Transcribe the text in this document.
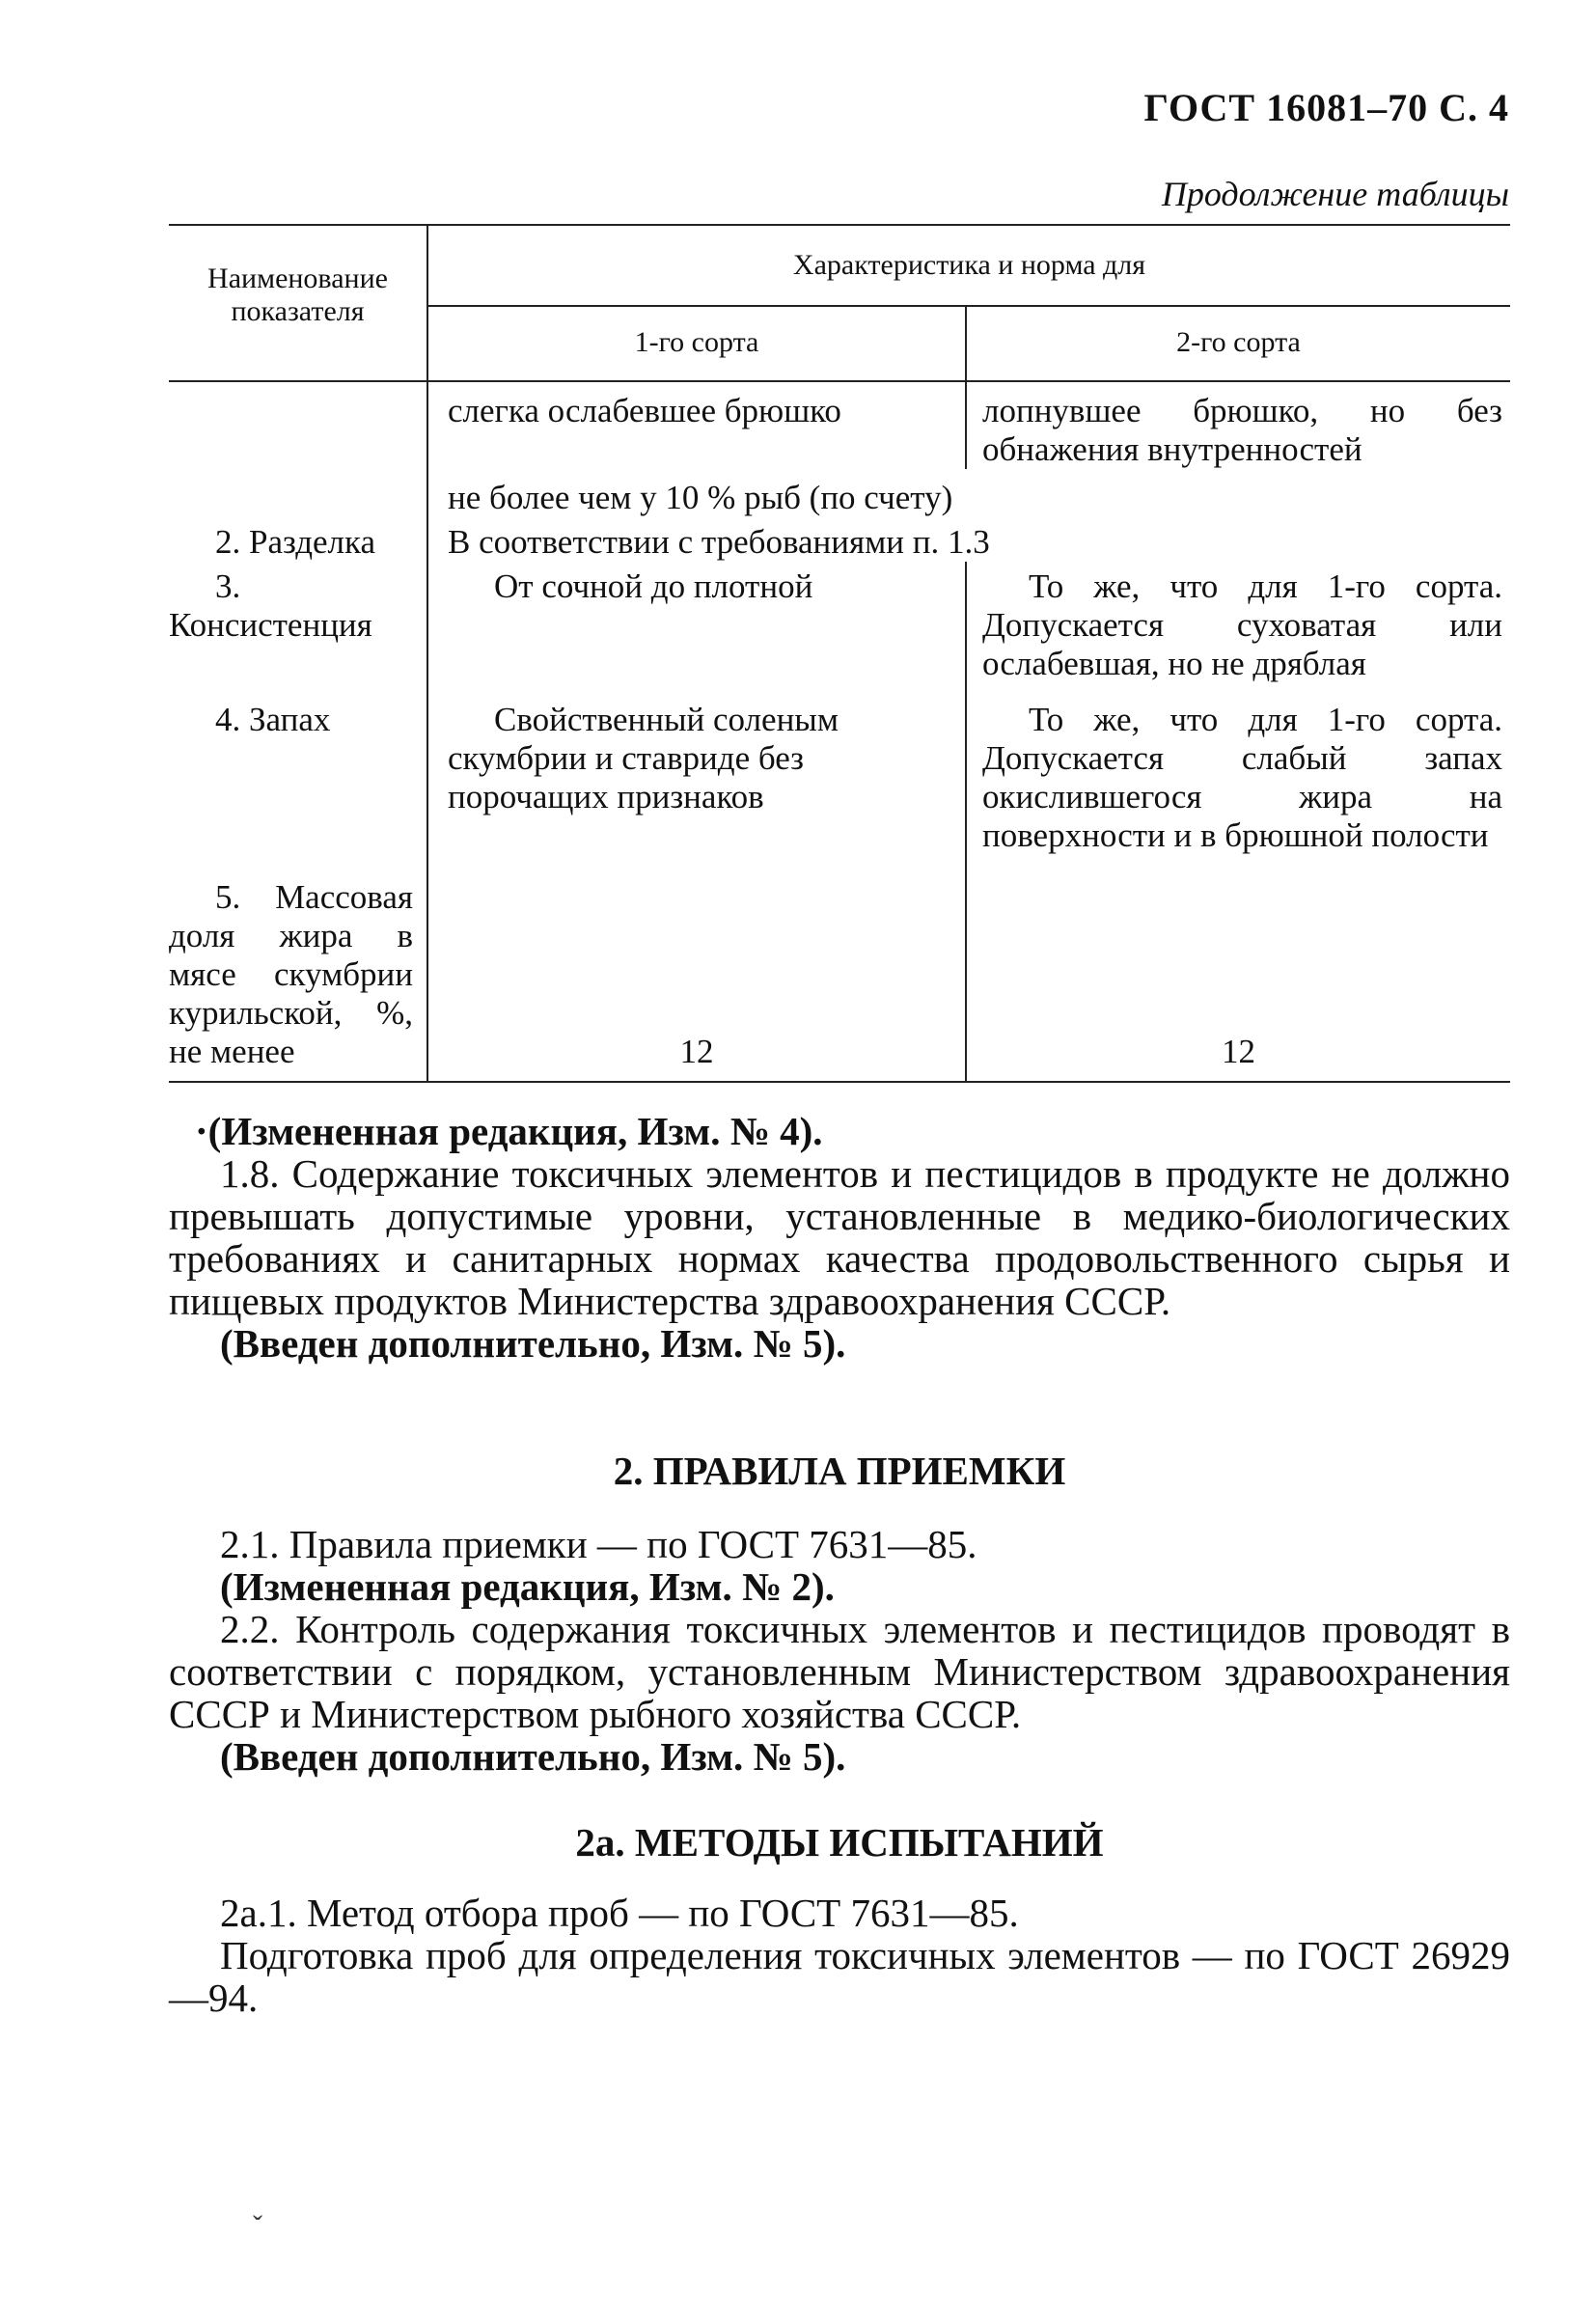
ГОСТ 16081–70 С. 4
Продолжение таблицы
Наименование показателя	Характеристика и норма для	
	1-го сорта	2-го сорта
	слегка ослабевшее брюшко	лопнувшее брюшко, но без обнажения внутренностей
	не более чем у 10 % рыб (по счету)	
2. Разделка	В соответствии с требованиями п. 1.3	
3. Консистенция	От сочной до плотной	То же, что для 1-го сорта. Допускается суховатая или ослабевшая, но не дряблая
4. Запах	Свойственный соленым скумбрии и ставриде без порочащих признаков	То же, что для 1-го сорта. Допускается слабый запах окислившегося жира на поверхности и в брюшной полости
5. Массовая доля жира в мясе скумбрии курильской, %, не менее	12	12

·(Измененная редакция, Изм. № 4).

1.8. Содержание токсичных элементов и пестицидов в продукте не должно превышать допустимые уровни, установленные в медико-биологических требованиях и санитарных нормах качества продовольственного сырья и пищевых продуктов Министерства здравоохранения СССР.

(Введен дополнительно, Изм. № 5).

2. ПРАВИЛА ПРИЕМКИ

2.1. Правила приемки — по ГОСТ 7631—85.

(Измененная редакция, Изм. № 2).

2.2. Контроль содержания токсичных элементов и пестицидов проводят в соответствии с порядком, установленным Министерством здравоохранения СССР и Министерством рыбного хозяйства СССР.

(Введен дополнительно, Изм. № 5).

2а. МЕТОДЫ ИСПЫТАНИЙ

2а.1. Метод отбора проб — по ГОСТ 7631—85.

Подготовка проб для определения токсичных элементов — по ГОСТ 26929—94.

ˇ
